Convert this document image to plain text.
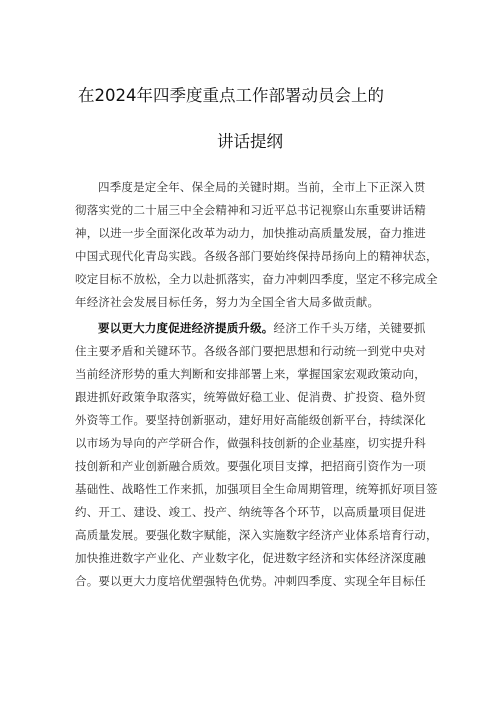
在2024年四季度重点工作部署动员会上的
讲话提纲
四季度是定全年、保全局的关键时期。当前，全市上下正深入贯
彻落实党的二十届三中全会精神和习近平总书记视察山东重要讲话精
神，以进一步全面深化改革为动力，加快推动高质量发展，奋力推进
中国式现代化青岛实践。各级各部门要始终保持昂扬向上的精神状态，
咬定目标不放松，全力以赴抓落实，奋力冲刺四季度，坚定不移完成全
年经济社会发展目标任务，努力为全国全省大局多做贡献。
要以更大力度促进经济提质升级。经济工作千头万绪，关键要抓
住主要矛盾和关键环节。各级各部门要把思想和行动统一到党中央对
当前经济形势的重大判断和安排部署上来，掌握国家宏观政策动向，
跟进抓好政策争取落实，统筹做好稳工业、促消费、扩投资、稳外贸
外资等工作。要坚持创新驱动，建好用好高能级创新平台，持续深化
以市场为导向的产学研合作，做强科技创新的企业基座，切实提升科
技创新和产业创新融合质效。要强化项目支撑，把招商引资作为一项
基础性、战略性工作来抓，加强项目全生命周期管理，统筹抓好项目签
约、开工、建设、竣工、投产、纳统等各个环节，以高质量项目促进
高质量发展。要强化数字赋能，深入实施数字经济产业体系培育行动，
加快推进数字产业化、产业数字化，促进数字经济和实体经济深度融
合。要以更大力度培优塑强特色优势。冲刺四季度、实现全年目标任
